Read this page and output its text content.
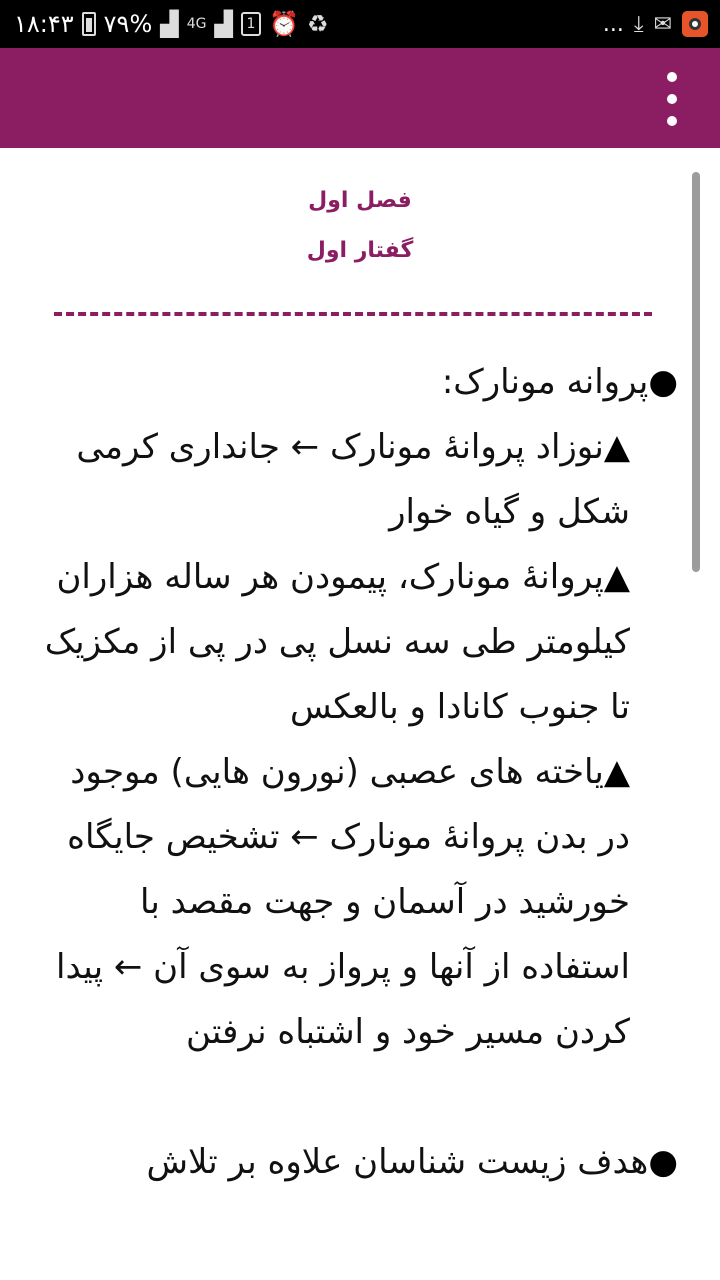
۱۸:۴۳ ۷۹% ▟ 4G ▟ 1 ⏰ ♻	... ⤓ ✉
فصل اول
گفتار اول

●پروانه مونارک:

▲نوزاد پروانۀ مونارک ← جانداری کرمی شکل و گیاه خوار

▲پروانۀ مونارک، پیمودن هر ساله هزاران کیلومتر طی سه نسل پی در پی از مکزیک تا جنوب کانادا و بالعکس

▲یاخته های عصبی (نورون هایی) موجود در بدن پروانۀ مونارک ← تشخیص جایگاه خورشید در آسمان و جهت مقصد با استفاده از آنها و پرواز به سوی آن ← پیدا کردن مسیر خود و اشتباه نرفتن

●هدف زیست شناسان علاوه بر تلاش
